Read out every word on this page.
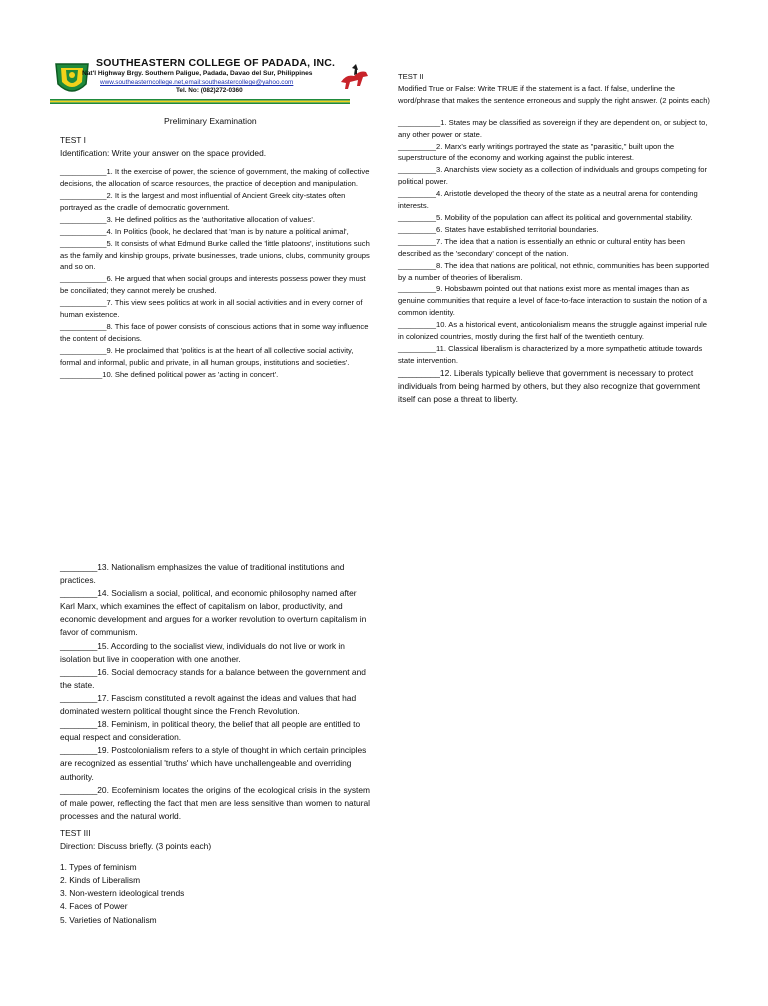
SOUTHEASTERN COLLEGE OF PADADA, INC.
Nat'l Highway Brgy. Southern Paligue, Padada, Davao del Sur, Philippines
www.southeasterncollege.net,email:southeastercollege@yahoo.com
Tel. No: (082)272-0360
Preliminary Examination

TEST I

Identification: Write your answer on the space provided.

___________1. It the exercise of power, the science of government, the making of collective decisions, the allocation of scarce resources, the practice of deception and manipulation.

___________2. It is the largest and most influential of Ancient Greek city-states often portrayed as the cradle of democratic government.

___________3. He defined politics as the 'authoritative allocation of values'.

___________4. In Politics (book, he declared that 'man is by nature a political animal',

___________5. It consists of what Edmund Burke called the 'little platoons', institutions such as the family and kinship groups, private businesses, trade unions, clubs, community groups and so on.

___________6. He argued that when social groups and interests possess power they must be conciliated; they cannot merely be crushed.

___________7. This view sees politics at work in all social activities and in every corner of human existence.

___________8. This face of power consists of conscious actions that in some way influence the content of decisions.

___________9. He proclaimed that 'politics is at the heart of all collective social activity, formal and informal, public and private, in all human groups, institutions and societies'.

__________10. She defined political power as 'acting in concert'.

TEST II

Modified True or False: Write TRUE if the statement is a fact. If false, underline the word/phrase that makes the sentence erroneous and supply the right answer. (2 points each)

__________1. States may be classified as sovereign if they are dependent on, or subject to, any other power or state.

_________2. Marx's early writings portrayed the state as "parasitic," built upon the superstructure of the economy and working against the public interest.

_________3. Anarchists view society as a collection of individuals and groups competing for political power.

_________4. Aristotle developed the theory of the state as a neutral arena for contending interests.

_________5. Mobility of the population can affect its political and governmental stability.

_________6. States have established territorial boundaries.

_________7. The idea that a nation is essentially an ethnic or cultural entity has been described as the 'secondary' concept of the nation.

_________8. The idea that nations are political, not ethnic, communities has been supported by a number of theories of liberalism.

_________9. Hobsbawm pointed out that nations exist more as mental images than as genuine communities that require a level of face-to-face interaction to sustain the notion of a common identity.

_________10. As a historical event, anticolonialism means the struggle against imperial rule in colonized countries, mostly during the first half of the twentieth century.

_________11. Classical liberalism is characterized by a more sympathetic attitude towards state intervention.

_________12. Liberals typically believe that government is necessary to protect individuals from being harmed by others, but they also recognize that government itself can pose a threat to liberty.

________13. Nationalism emphasizes the value of traditional institutions and practices.

________14. Socialism a social, political, and economic philosophy named after Karl Marx, which examines the effect of capitalism on labor, productivity, and economic development and argues for a worker revolution to overturn capitalism in favor of communism.

________15. According to the socialist view, individuals do not live or work in isolation but live in cooperation with one another.

________16. Social democracy stands for a balance between the government and the state.

________17. Fascism constituted a revolt against the ideas and values that had dominated western political thought since the French Revolution.

________18. Feminism, in political theory, the belief that all people are entitled to equal respect and consideration.

________19. Postcolonialism refers to a style of thought in which certain principles are recognized as essential 'truths' which have unchallengeable and overriding authority.

________20. Ecofeminism locates the origins of the ecological crisis in the system of male power, reflecting the fact that men are less sensitive than women to natural processes and the natural world.

TEST III

Direction: Discuss briefly. (3 points each)

1. Types of feminism

2. Kinds of Liberalism

3. Non-western ideological trends

4. Faces of Power

5. Varieties of Nationalism
